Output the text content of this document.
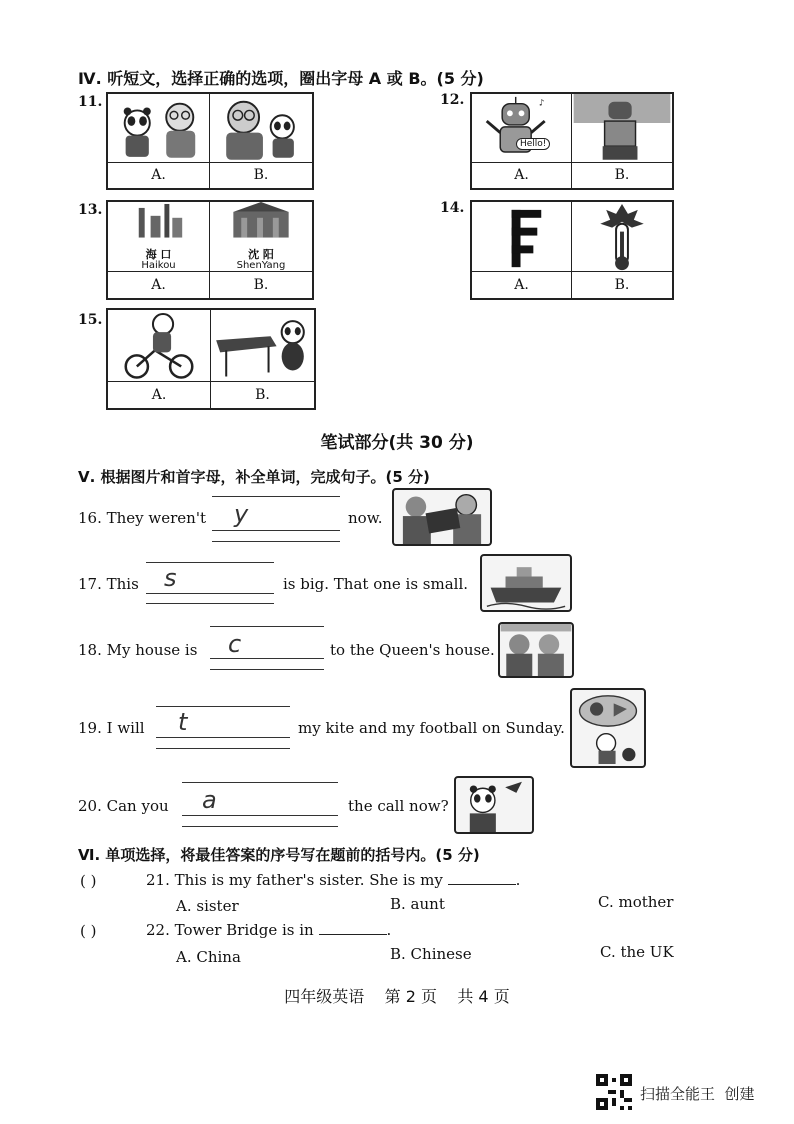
Ⅳ. 听短文，选择正确的选项，圈出字母 A 或 B。(5 分)
11.
A.	B.
12.	♪
Hello!
A.	B.
13.
海 口
Haikou
沈 阳
ShenYang
A.	B.
14.
A.	B.
15.
A.	B.
笔试部分(共 30 分)
Ⅴ. 根据图片和首字母，补全单词，完成句子。(5 分)
16. They weren't y	now.
17. This s	is big. That one is small.
18. My house is c	to the Queen's house.
19. I will t	my kite and my football on Sunday.
20. Can you a	the call now?
Ⅵ. 单项选择，将最佳答案的序号写在题前的括号内。(5 分)
( )	21. This is my father's sister. She is my	.
A. sister	B. aunt	C. mother
( )	22. Tower Bridge is in	.
A. China	B. Chinese	C. the UK
四年级英语    第 2 页    共 4 页
扫描全能王  创建
